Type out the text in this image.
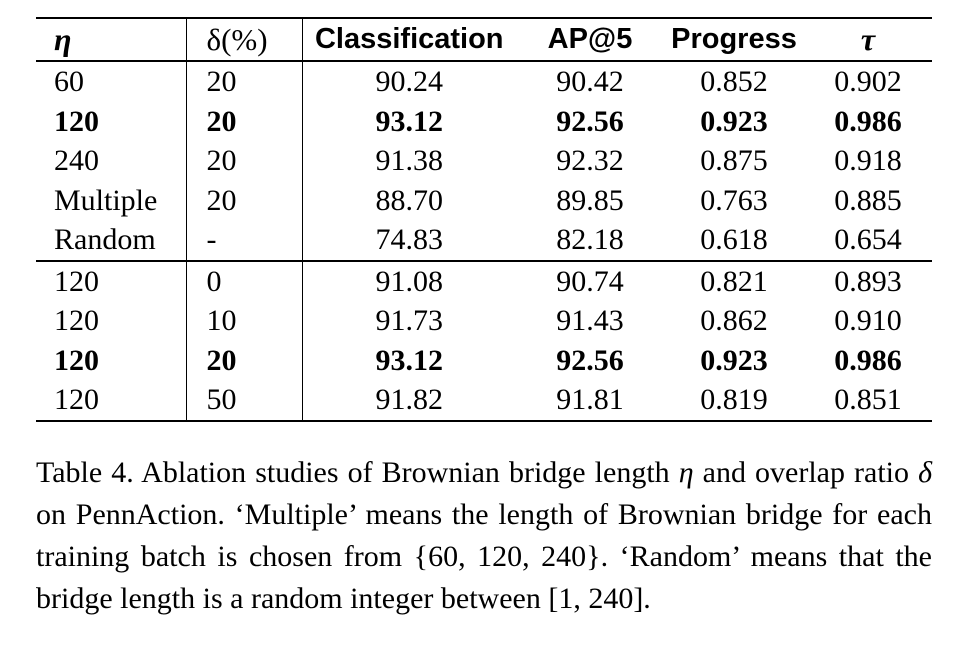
η	δ(%)	Classification	AP@5	Progress	τ
60	20	90.24	90.42	0.852	0.902
120	20	93.12	92.56	0.923	0.986
240	20	91.38	92.32	0.875	0.918
Multiple	20	88.70	89.85	0.763	0.885
Random	-	74.83	82.18	0.618	0.654
120	0	91.08	90.74	0.821	0.893
120	10	91.73	91.43	0.862	0.910
120	20	93.12	92.56	0.923	0.986
120	50	91.82	91.81	0.819	0.851
Table 4. Ablation studies of Brownian bridge length η and overlap ratio δ on PennAction. ‘Multiple’ means the length of Brownian bridge for each training batch is chosen from {60, 120, 240}. ‘Random’ means that the bridge length is a random integer between [1, 240].
